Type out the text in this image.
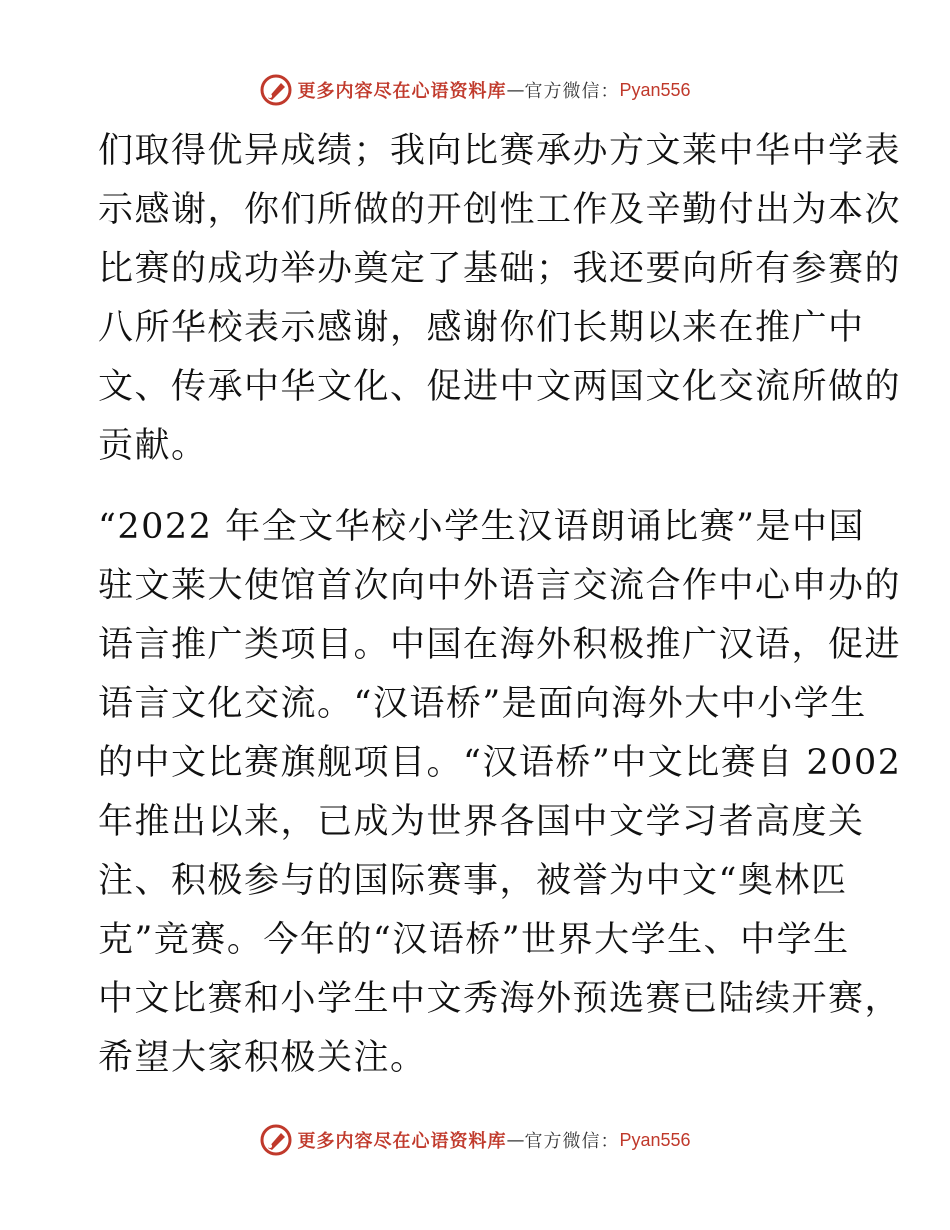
更多内容尽在心语资料库 — 官方微信： Pyan556
们取得优异成绩；我向比赛承办方文莱中华中学表
示感谢，你们所做的开创性工作及辛勤付出为本次
比赛的成功举办奠定了基础；我还要向所有参赛的
八所华校表示感谢，感谢你们长期以来在推广中
文、传承中华文化、促进中文两国文化交流所做的
贡献。
“2022 年全文华校小学生汉语朗诵比赛”是中国
驻文莱大使馆首次向中外语言交流合作中心申办的
语言推广类项目。中国在海外积极推广汉语，促进
语言文化交流。“汉语桥”是面向海外大中小学生
的中文比赛旗舰项目。“汉语桥”中文比赛自 2002
年推出以来，已成为世界各国中文学习者高度关
注、积极参与的国际赛事，被誉为中文“奥林匹
克”竞赛。今年的“汉语桥”世界大学生、中学生
中文比赛和小学生中文秀海外预选赛已陆续开赛，
希望大家积极关注。
更多内容尽在心语资料库 — 官方微信： Pyan556
